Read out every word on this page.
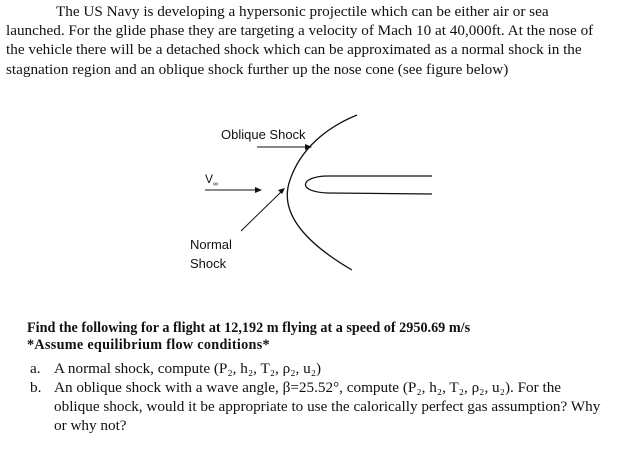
The US Navy is developing a hypersonic projectile which can be either air or sea launched. For the glide phase they are targeting a velocity of Mach 10 at 40,000ft. At the nose of the vehicle there will be a detached shock which can be approximated as a normal shock in the stagnation region and an oblique shock further up the nose cone (see figure below)

Oblique Shock
$V_\infty$
Normal
Shock

Find the following for a flight at 12,192 m flying at a speed of 2950.69 m/s
*Assume equilibrium flow conditions*

a. A normal shock, compute (P₂, h₂, T₂, ρ₂, u₂)
b. An oblique shock with a wave angle, β=25.52°, compute (P₂, h₂, T₂, ρ₂, u₂). For the oblique shock, would it be appropriate to use the calorically perfect gas assumption? Why or why not?
